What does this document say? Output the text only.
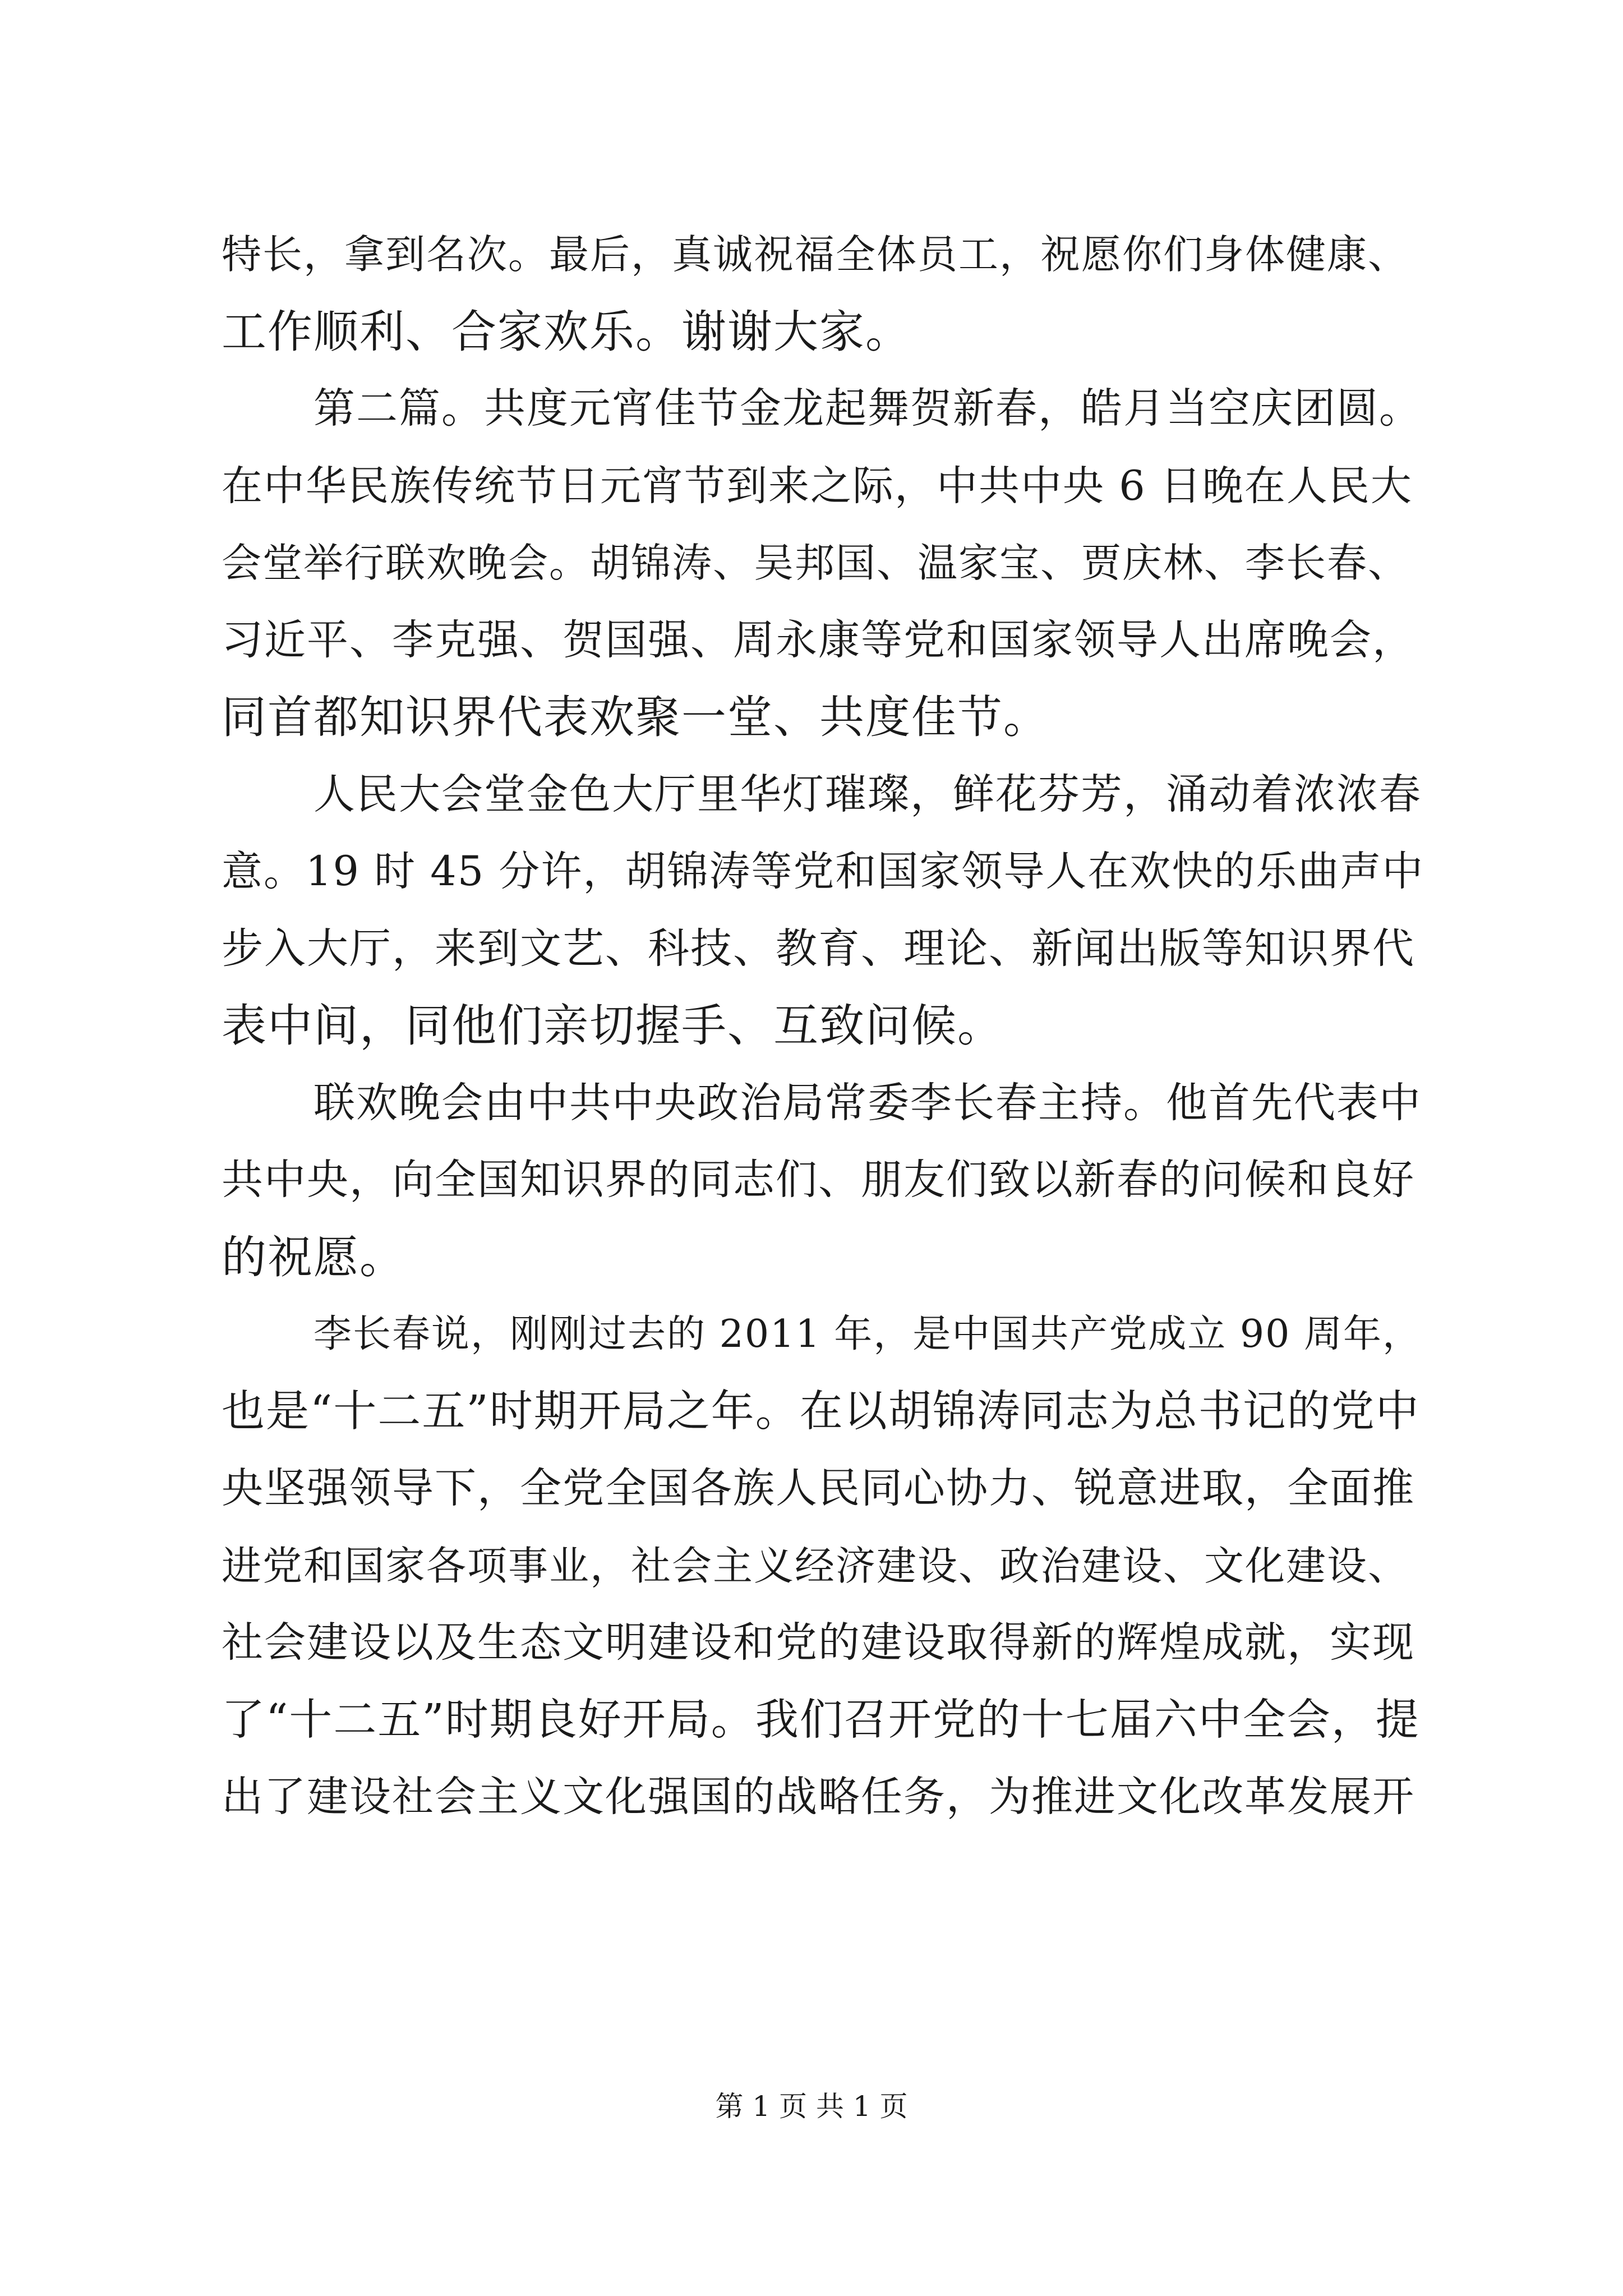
特长，拿到名次。最后，真诚祝福全体员工，祝愿你们身体健康、
工作顺利、合家欢乐。谢谢大家。
第二篇。共度元宵佳节金龙起舞贺新春，皓月当空庆团圆。
在中华民族传统节日元宵节到来之际，中共中央 6 日晚在人民大
会堂举行联欢晚会。胡锦涛、吴邦国、温家宝、贾庆林、李长春、
习近平、李克强、贺国强、周永康等党和国家领导人出席晚会，
同首都知识界代表欢聚一堂、共度佳节。
人民大会堂金色大厅里华灯璀璨，鲜花芬芳，涌动着浓浓春
意。19 时 45 分许，胡锦涛等党和国家领导人在欢快的乐曲声中
步入大厅，来到文艺、科技、教育、理论、新闻出版等知识界代
表中间，同他们亲切握手、互致问候。
联欢晚会由中共中央政治局常委李长春主持。他首先代表中
共中央，向全国知识界的同志们、朋友们致以新春的问候和良好
的祝愿。
李长春说，刚刚过去的 2011 年，是中国共产党成立 90 周年，
也是“十二五”时期开局之年。在以胡锦涛同志为总书记的党中
央坚强领导下，全党全国各族人民同心协力、锐意进取，全面推
进党和国家各项事业，社会主义经济建设、政治建设、文化建设、
社会建设以及生态文明建设和党的建设取得新的辉煌成就，实现
了“十二五”时期良好开局。我们召开党的十七届六中全会，提
出了建设社会主义文化强国的战略任务，为推进文化改革发展开
第 1 页 共 1 页
